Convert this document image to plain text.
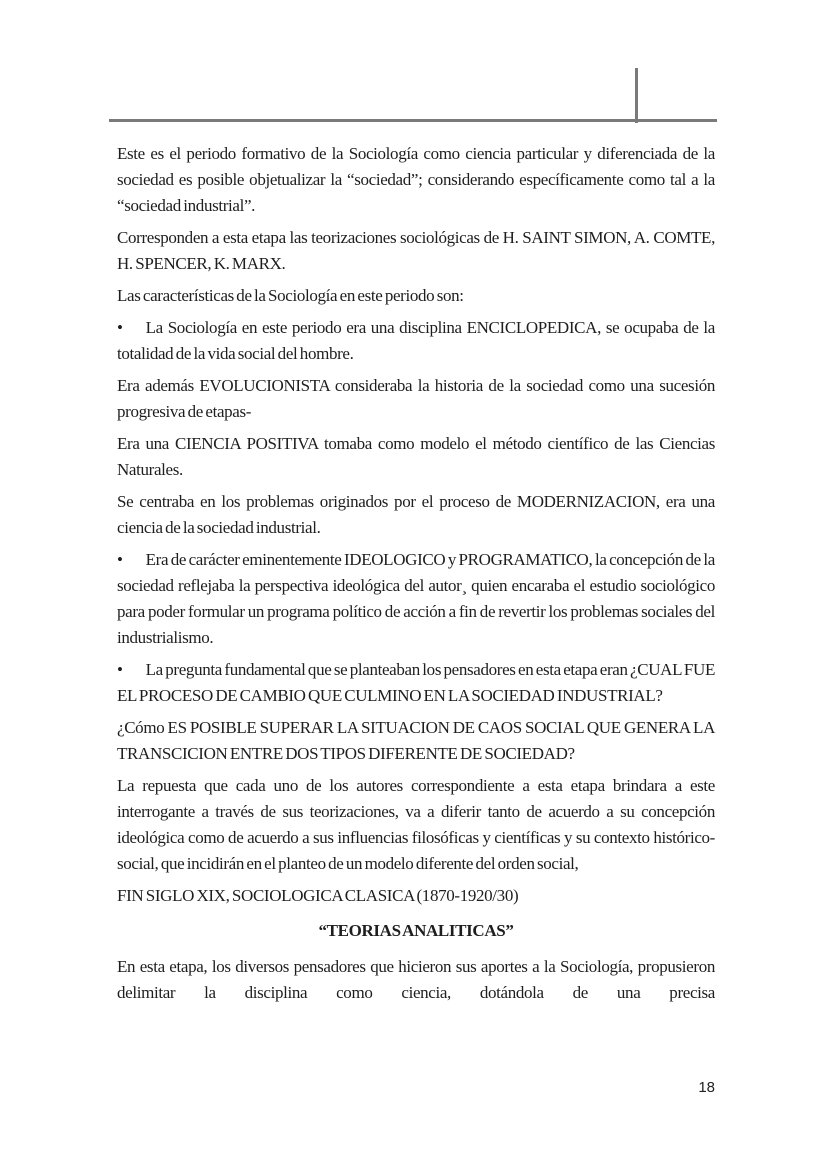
Este es el periodo formativo de la Sociología como ciencia particular y diferenciada de la sociedad es posible objetualizar la “sociedad”; considerando específicamente como tal a la “sociedad industrial”.

Corresponden a esta etapa las teorizaciones sociológicas de H. SAINT SIMON, A. COMTE, H. SPENCER, K. MARX.

Las características de la Sociología en este periodo son:

• La Sociología en este periodo era una disciplina ENCICLOPEDICA, se ocupaba de la totalidad de la vida social del hombre.

Era además EVOLUCIONISTA consideraba la historia de la sociedad como una sucesión progresiva de etapas-

Era una CIENCIA POSITIVA tomaba como modelo el método científico de las Ciencias Naturales.

Se centraba en los problemas originados por el proceso de MODERNIZACION, era una ciencia de la sociedad industrial.

• Era de carácter eminentemente IDEOLOGICO y PROGRAMATICO, la concepción de la sociedad reflejaba la perspectiva ideológica del autor¸ quien encaraba el estudio sociológico para poder formular un programa político de acción a fin de revertir los problemas sociales del industrialismo.

• La pregunta fundamental que se planteaban los pensadores en esta etapa eran ¿CUAL FUE EL PROCESO DE CAMBIO QUE CULMINO EN LA SOCIEDAD INDUSTRIAL?

¿Cómo ES POSIBLE SUPERAR LA SITUACION DE CAOS SOCIAL QUE GENERA LA TRANSCICION ENTRE DOS TIPOS DIFERENTE DE SOCIEDAD?

La repuesta que cada uno de los autores correspondiente a esta etapa brindara a este interrogante a través de sus teorizaciones, va a diferir tanto de acuerdo a su concepción ideológica como de acuerdo a sus influencias filosóficas y científicas y su contexto histórico-social, que incidirán en el planteo de un modelo diferente del orden social,

FIN SIGLO XIX, SOCIOLOGICA CLASICA (1870-1920/30)

“TEORIAS ANALITICAS”

En esta etapa, los diversos pensadores que hicieron sus aportes a la Sociología, propusieron delimitar la disciplina como ciencia, dotándola de una precisa

18
